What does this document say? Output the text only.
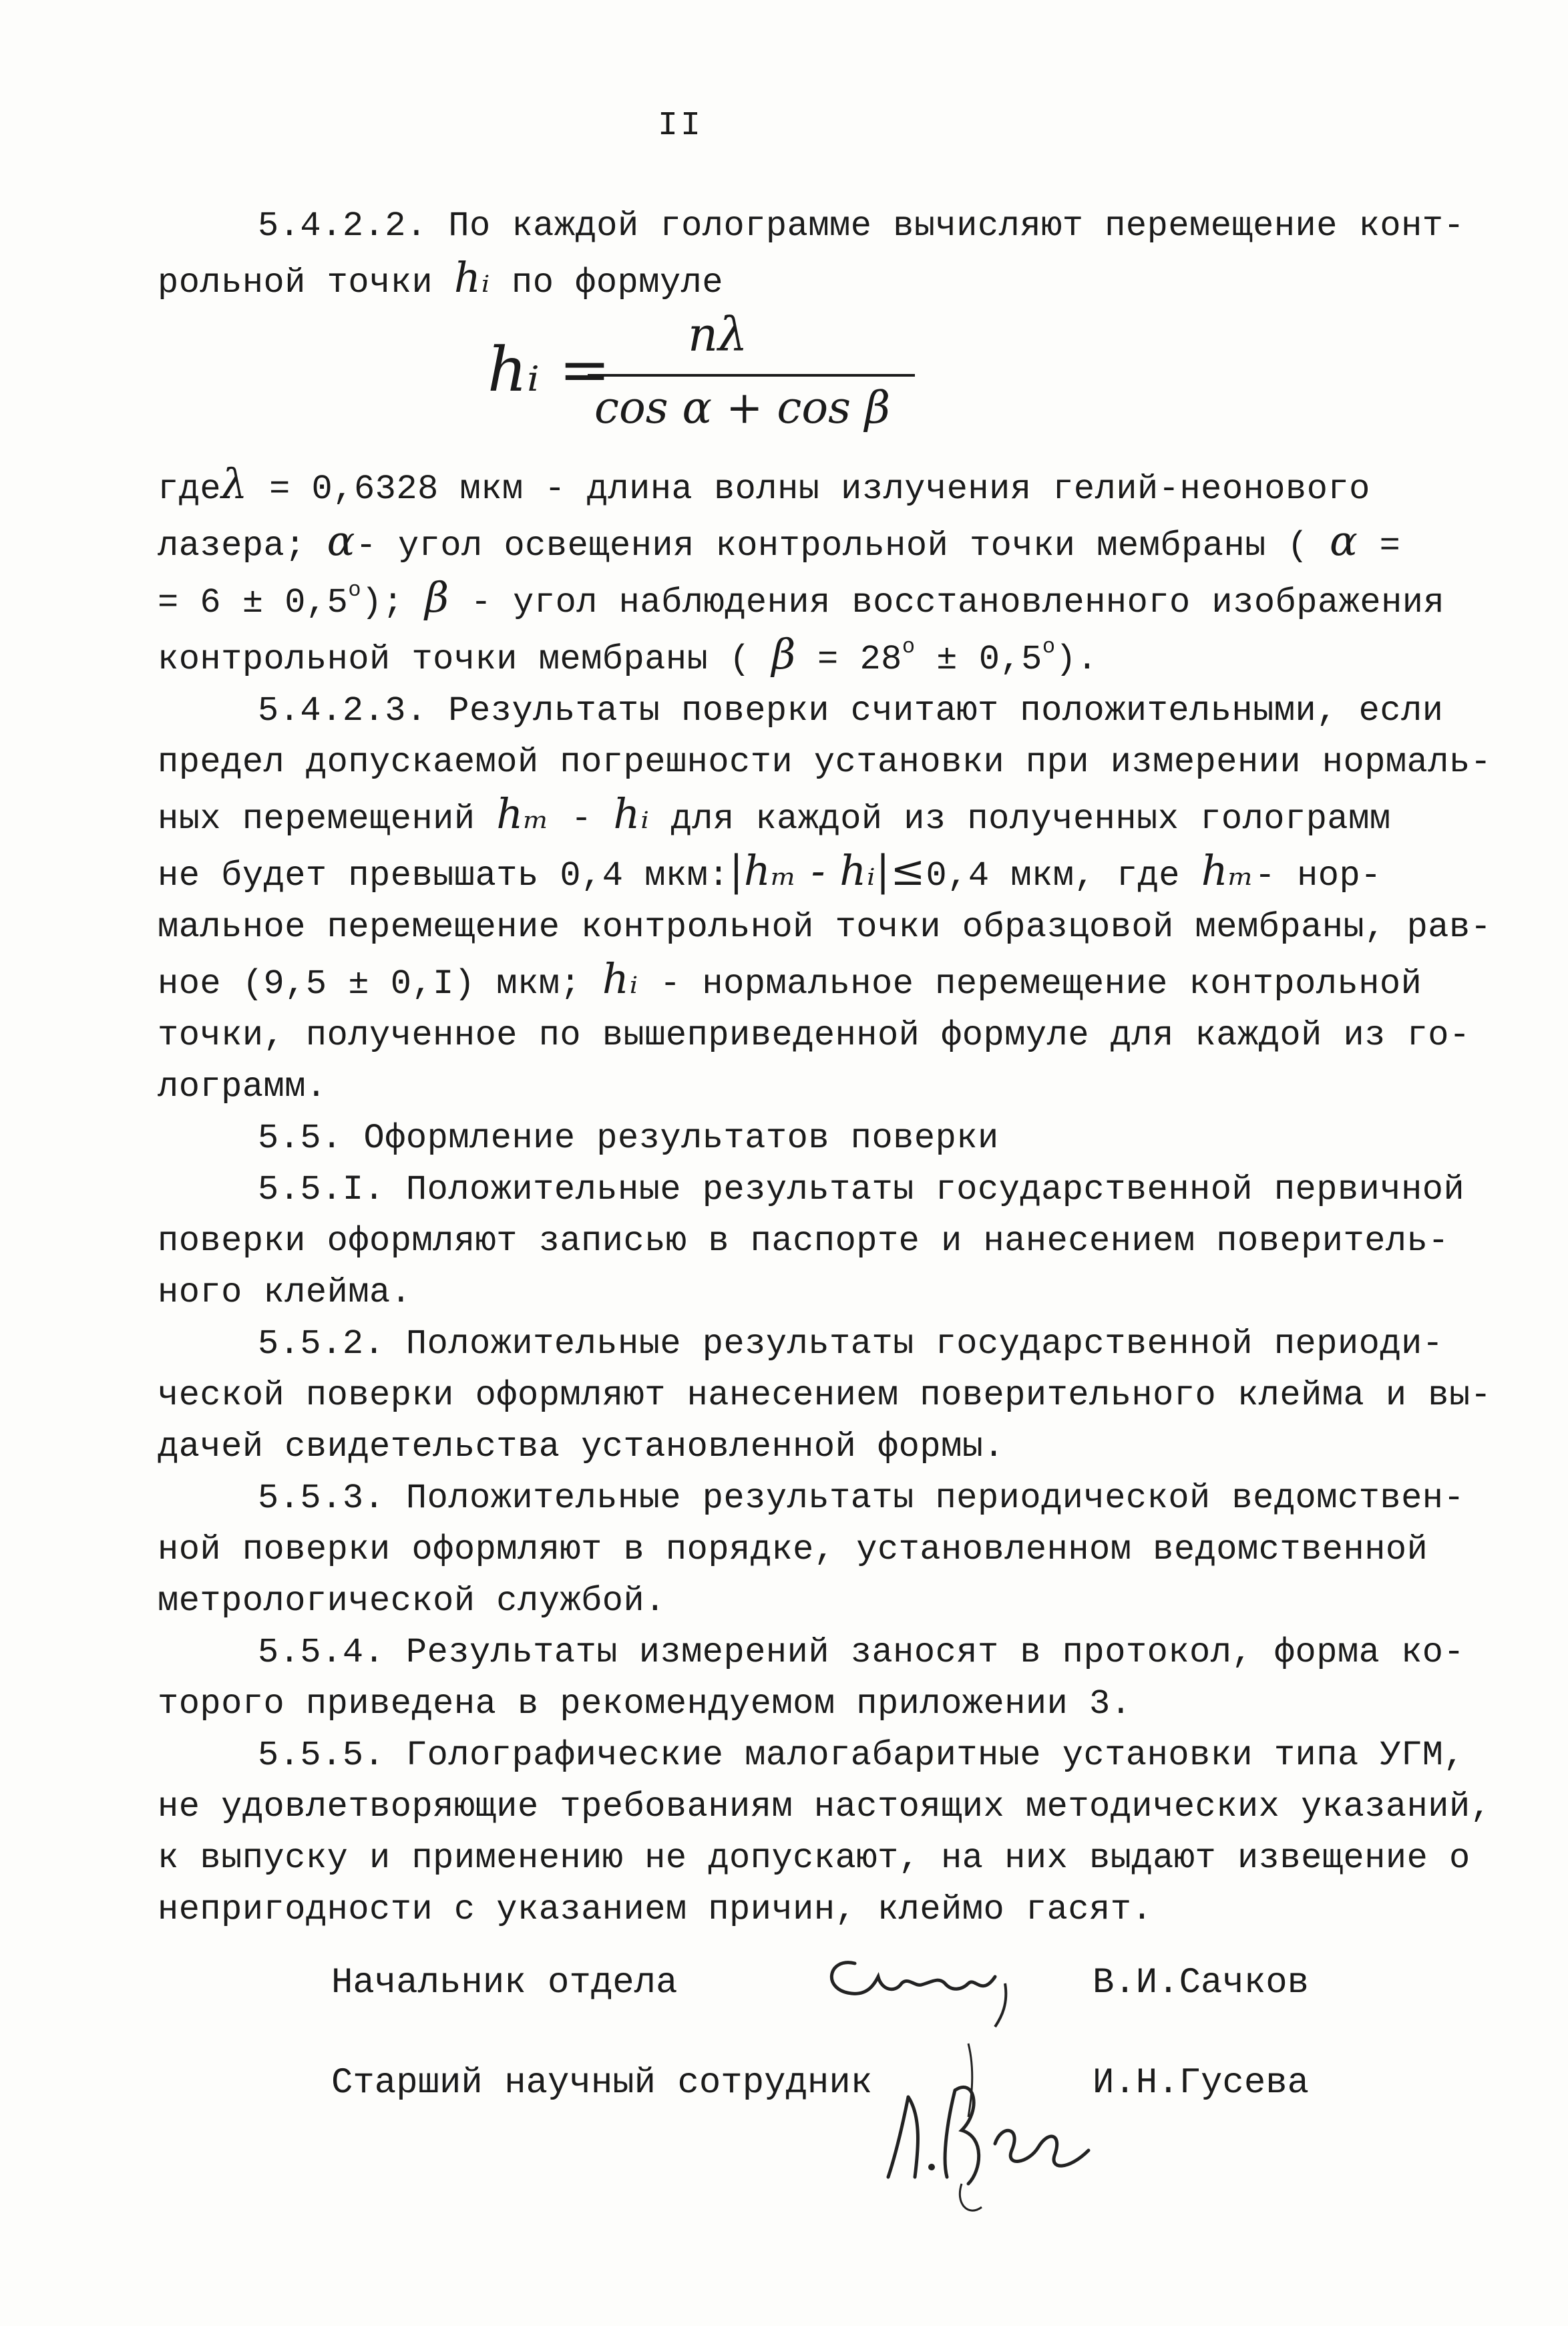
II
5.4.2.2. По каждой голограмме вычисляют перемещение конт-
рольной точки hᵢ по формуле
hᵢ = nλ
cos α + cos β
гдеλ = 0,6328 мкм - длина волны излучения гелий-неонового
лазера; α- угол освещения контрольной точки мембраны ( α =
= $6 \pm 0,5^o$); β - угол наблюдения восстановленного изображения
контрольной точки мембраны ( $\beta = 28^o \pm 0,5^o$).
5.4.2.3. Результаты поверки считают положительными, если
предел допускаемой погрешности установки при измерении нормаль-
ных перемещений hₘ - hᵢ для каждой из полученных голограмм
не будет превышать 0,4 мкм:|hₘ - hᵢ|≤0,4 мкм, где hₘ- нор-
мальное перемещение контрольной точки образцовой мембраны, рав-
ное (9,5 ± 0,I) мкм; hᵢ - нормальное перемещение контрольной
точки, полученное по вышеприведенной формуле для каждой из го-
лограмм.
5.5. Оформление результатов поверки
5.5.I. Положительные результаты государственной первичной
поверки оформляют записью в паспорте и нанесением поверитель-
ного клейма.
5.5.2. Положительные результаты государственной периоди-
ческой поверки оформляют нанесением поверительного клейма и вы-
дачей свидетельства установленной формы.
5.5.3. Положительные результаты периодической ведомствен-
ной поверки оформляют в порядке, установленном ведомственной
метрологической службой.
5.5.4. Результаты измерений заносят в протокол, форма ко-
торого приведена в рекомендуемом приложении 3.
5.5.5. Голографические малогабаритные установки типа УГМ,
не удовлетворяющие требованиям настоящих методических указаний,
к выпуску и применению не допускают, на них выдают извещение о
непригодности с указанием причин, клеймо гасят.
Начальник отдела	В.И.Сачков
Старший научный сотрудник	И.Н.Гусева
